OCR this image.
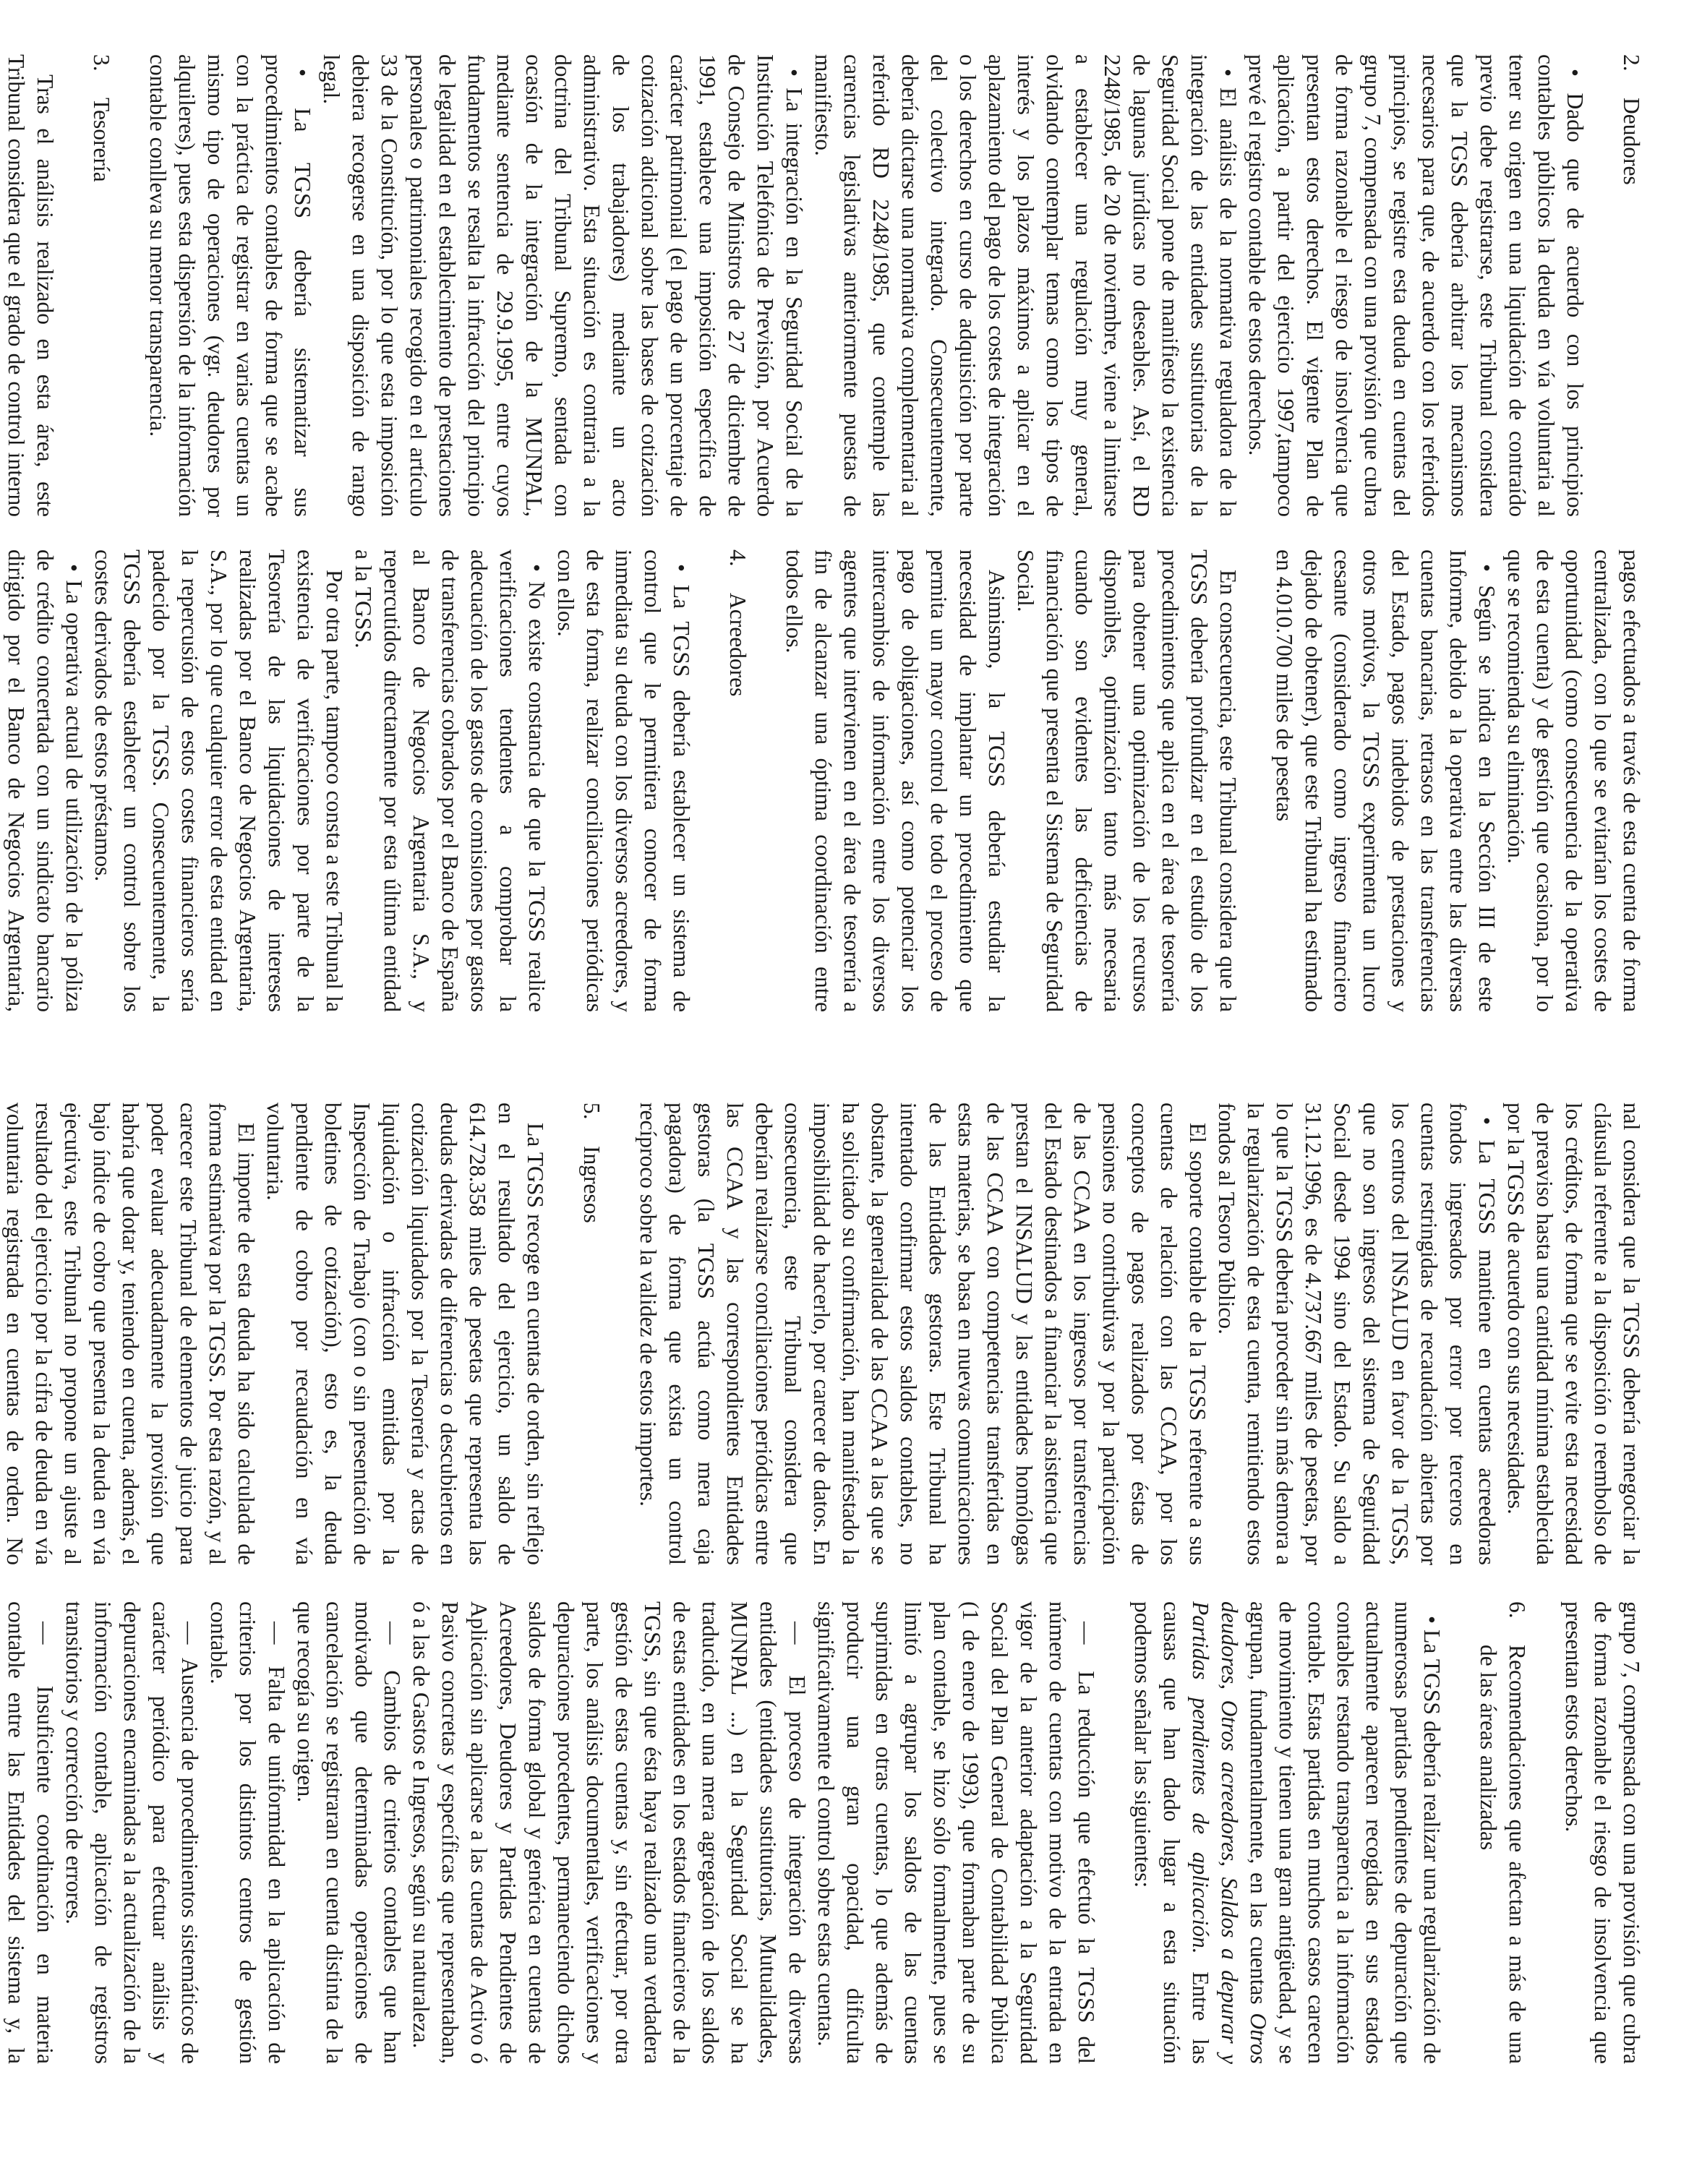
2.
Deudores

• Dado que de acuerdo con los principios contables públicos la deuda en vía voluntaria al tener su origen en una liquidación de contraído previo debe registrarse, este Tribunal considera que la TGSS debería arbitrar los mecanismos necesarios para que, de acuerdo con los referidos principios, se registre esta deuda en cuentas del grupo 7, compensada con una provisión que cubra de forma razonable el riesgo de insolvencia que presentan estos derechos. El vigente Plan de aplicación, a partir del ejercicio 1997,tampoco prevé el registro contable de estos derechos.

• El análisis de la normativa reguladora de la integración de las entidades sustitutorias de la Seguridad Social pone de manifiesto la existencia de lagunas jurídicas no deseables. Así, el RD 2248/1985, de 20 de noviembre, viene a limitarse a establecer una regulación muy general, olvidando contemplar temas como los tipos de interés y los plazos máximos a aplicar en el aplazamiento del pago de los costes de integración o los derechos en curso de adquisición por parte del colectivo integrado. Consecuentemente, debería dictarse una normativa complementaria al referido RD 2248/1985, que contemple las carencias legislativas anteriormente puestas de manifiesto.

• La integración en la Seguridad Social de la Institución Telefónica de Previsión, por Acuerdo de Consejo de Ministros de 27 de diciembre de 1991, establece una imposición específica de carácter patrimonial (el pago de un porcentaje de cotización adicional sobre las bases de cotización de los trabajadores) mediante un acto administrativo. Esta situación es contraria a la doctrina del Tribunal Supremo, sentada con ocasión de la integración de la MUNPAL, mediante sentencia de 29.9.1995, entre cuyos fundamentos se resalta la infracción del principio de legalidad en el establecimiento de prestaciones personales o patrimoniales recogido en el artículo 33 de la Constitución, por lo que esta imposición debiera recogerse en una disposición de rango legal.

• La TGSS debería sistematizar sus procedimientos contables de forma que se acabe con la práctica de registrar en varias cuentas un mismo tipo de operaciones (vgr. deudores por alquileres), pues esta dispersión de la información contable conlleva su menor transparencia.

3.
Tesorería

Tras el análisis realizado en esta área, este Tribunal considera que el grado de control interno

pagos efectuados a través de esta cuenta de forma centralizada, con lo que se evitarían los costes de oportunidad (como consecuencia de la operativa de esta cuenta) y de gestión que ocasiona, por lo que se recomienda su eliminación.

• Según se indica en la Sección III de este Informe, debido a la operativa entre las diversas cuentas bancarias, retrasos en las transferencias del Estado, pagos indebidos de prestaciones y otros motivos, la TGSS experimenta un lucro cesante (considerado como ingreso financiero dejado de obtener), que este Tribunal ha estimado en 4.010.700 miles de pesetas

En consecuencia, este Tribunal considera que la TGSS debería profundizar en el estudio de los procedimientos que aplica en el área de tesorería para obtener una optimización de los recursos disponibles, optimización tanto más necesaria cuando son evidentes las deficiencias de financiación que presenta el Sistema de Seguridad Social.

Asimismo, la TGSS debería estudiar la necesidad de implantar un procedimiento que permita un mayor control de todo el proceso de pago de obligaciones, así como potenciar los intercambios de información entre los diversos agentes que intervienen en el área de tesorería a fin de alcanzar una óptima coordinación entre todos ellos.

4.
Acreedores

• La TGSS debería establecer un sistema de control que le permitiera conocer de forma inmediata su deuda con los diversos acreedores, y de esta forma, realizar conciliaciones periódicas con ellos.

• No existe constancia de que la TGSS realice verificaciones tendentes a comprobar la adecuación de los gastos de comisiones por gastos de transferencias cobrados por el Banco de España al Banco de Negocios Argentaria S.A., y repercutidos directamente por esta última entidad a la TGSS.

Por otra parte, tampoco consta a este Tribunal la existencia de verificaciones por parte de la Tesorería de las liquidaciones de intereses realizadas por el Banco de Negocios Argentaria, S.A., por lo que cualquier error de esta entidad en la repercusión de estos costes financieros sería padecido por la TGSS. Consecuentemente, la TGSS debería establecer un control sobre los costes derivados de estos préstamos.

• La operativa actual de utilización de la póliza de crédito concertada con un sindicato bancario dirigido por el Banco de Negocios Argentaria,

nal considera que la TGSS debería renegociar la cláusula referente a la disposición o reembolso de los créditos, de forma que se evite esta necesidad de preaviso hasta una cantidad mínima establecida por la TGSS de acuerdo con sus necesidades.

• La TGSS mantiene en cuentas acreedoras fondos ingresados por error por terceros en cuentas restringidas de recaudación abiertas por los centros del INSALUD en favor de la TGSS, que no son ingresos del sistema de Seguridad Social desde 1994 sino del Estado. Su saldo a 31.12.1996, es de 4.737.667 miles de pesetas, por lo que la TGSS debería proceder sin más demora a la regularización de esta cuenta, remitiendo estos fondos al Tesoro Público.

El soporte contable de la TGSS referente a sus cuentas de relación con las CCAA, por los conceptos de pagos realizados por éstas de pensiones no contributivas y por la participación de las CCAA en los ingresos por transferencias del Estado destinados a financiar la asistencia que prestan el INSALUD y las entidades homólogas de las CCAA con competencias transferidas en estas materias, se basa en nuevas comunicaciones de las Entidades gestoras. Este Tribunal ha intentado confirmar estos saldos contables, no obstante, la generalidad de las CCAA a las que se ha solicitado su confirmación, han manifestado la imposibilidad de hacerlo, por carecer de datos. En consecuencia, este Tribunal considera que deberían realizarse conciliaciones periódicas entre las CCAA y las correspondientes Entidades gestoras (la TGSS actúa como mera caja pagadora) de forma que exista un control recíproco sobre la validez de estos importes.

5.
Ingresos

La TGSS recoge en cuentas de orden, sin reflejo en el resultado del ejercicio, un saldo de 614.728.358 miles de pesetas que representa las deudas derivadas de diferencias o descubiertos en cotización liquidados por la Tesorería y actas de liquidación o infracción emitidas por la Inspección de Trabajo (con o sin presentación de boletines de cotización), esto es, la deuda pendiente de cobro por recaudación en vía voluntaria.

El importe de esta deuda ha sido calculada de forma estimativa por la TGSS. Por esta razón, y al carecer este Tribunal de elementos de juicio para poder evaluar adecuadamente la provisión que habría que dotar y, teniendo en cuenta, además, el bajo índice de cobro que presenta la deuda en vía ejecutiva, este Tribunal no propone un ajuste al resultado del ejercicio por la cifra de deuda en vía voluntaria registrada en cuentas de orden. No

grupo 7, compensada con una provisión que cubra de forma razonable el riesgo de insolvencia que presentan estos derechos.

6.
Recomendaciones que afectan a más de una de las áreas analizadas

• La TGSS debería realizar una regularización de numerosas partidas pendientes de depuración que actualmente aparecen recogidas en sus estados contables restando transparencia a la información contable. Estas partidas en muchos casos carecen de movimiento y tienen una gran antigüedad, y se agrupan, fundamentalmente, en las cuentas Otros deudores, Otros acreedores, Saldos a depurar y Partidas pendientes de aplicación. Entre las causas que han dado lugar a esta situación podemos señalar las siguientes:

—  La reducción que efectuó la TGSS del número de cuentas con motivo de la entrada en vigor de la anterior adaptación a la Seguridad Social del Plan General de Contabilidad Pública (1 de enero de 1993), que formaban parte de su plan contable, se hizo sólo formalmente, pues se limitó a agrupar los saldos de las cuentas suprimidas en otras cuentas, lo que además de producir una gran opacidad, dificulta significativamente el control sobre estas cuentas.

—  El proceso de integración de diversas entidades (entidades sustitutorias, Mutualidades, MUNPAL ...) en la Seguridad Social se ha traducido, en una mera agregación de los saldos de estas entidades en los estados financieros de la TGSS, sin que ésta haya realizado una verdadera gestión de estas cuentas y, sin efectuar, por otra parte, los análisis documentales, verificaciones y depuraciones procedentes, permaneciendo dichos saldos de forma global y genérica en cuentas de Acreedores, Deudores y Partidas Pendientes de Aplicación sin aplicarse a las cuentas de Activo ó Pasivo concretas y específicas que representaban, ó a las de Gastos e Ingresos, según su naturaleza.

—  Cambios de criterios contables que han motivado que determinadas operaciones de cancelación se registraran en cuenta distinta de la que recogía su origen.

—  Falta de uniformidad en la aplicación de criterios por los distintos centros de gestión contable.

—  Ausencia de procedimientos sistemáticos de carácter periódico para efectuar análisis y depuraciones encaminadas a la actualización de la información contable, aplicación de registros transitorios y corrección de errores.

—  Insuficiente coordinación en materia contable entre las Entidades del sistema y, la
